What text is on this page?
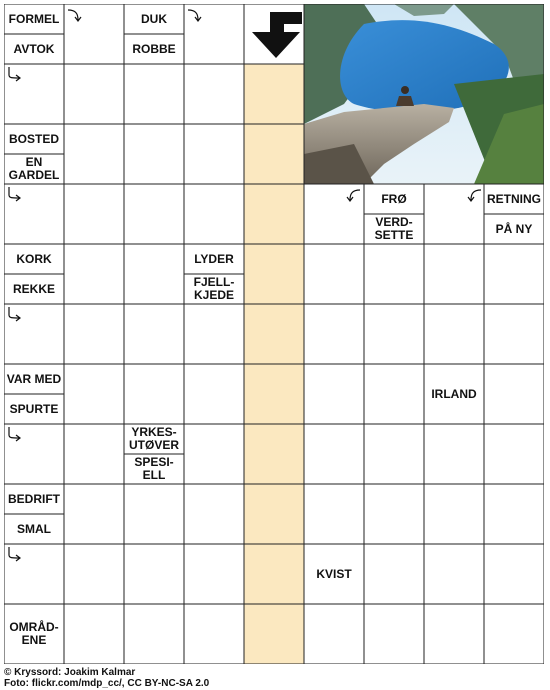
FORMEL
AVTOK
DUK
ROBBE
BOSTED
EN GARDEL
FRØ
VERD-SETTE
RETNING
PÅ NY
KORK
REKKE
LYDER
FJELL-KJEDE
VAR MED
SPURTE
IRLAND
YRKES-UTØVER
SPESI-ELL
BEDRIFT
SMAL
KVIST
OMRÅD-ENE
© Kryssord: Joakim Kalmar
Foto: flickr.com/mdp_cc/, CC BY-NC-SA 2.0
